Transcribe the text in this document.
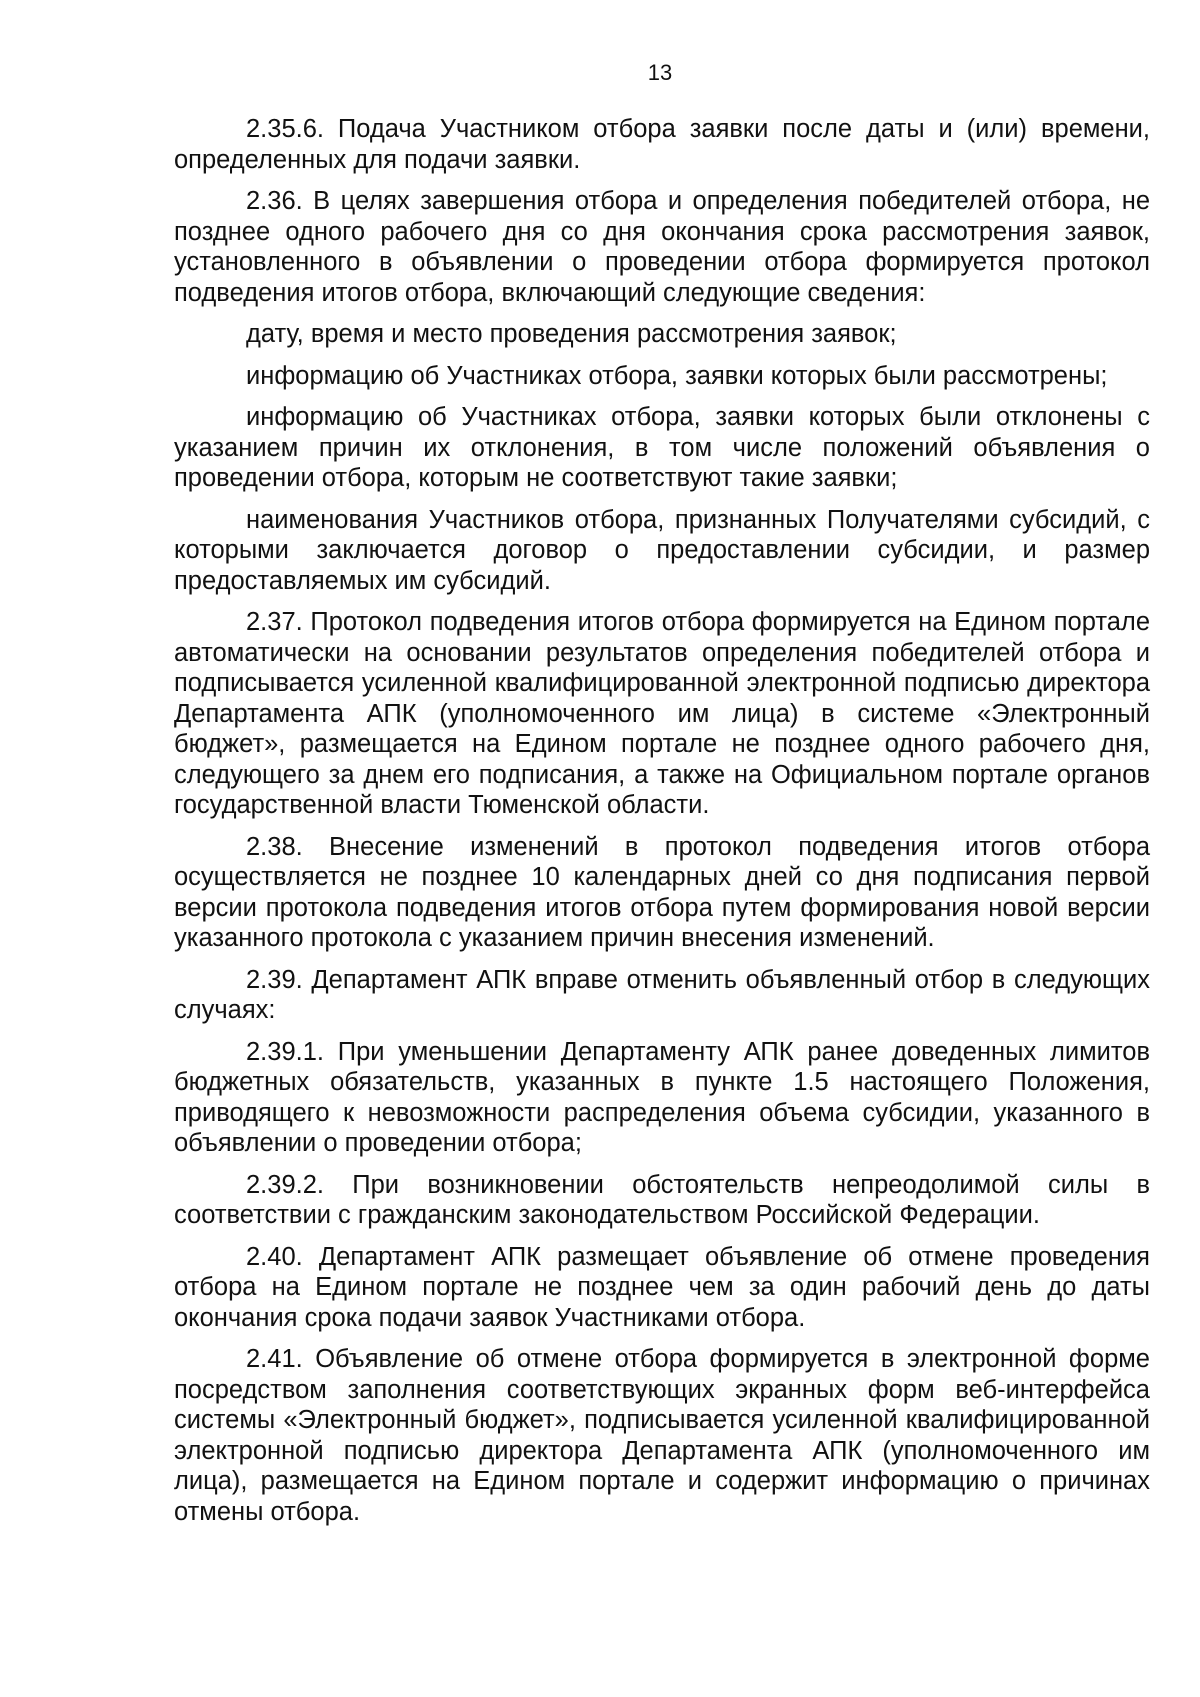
13

2.35.6. Подача Участником отбора заявки после даты и (или) времени, определенных для подачи заявки.

2.36. В целях завершения отбора и определения победителей отбора, не позднее одного рабочего дня со дня окончания срока рассмотрения заявок, установленного в объявлении о проведении отбора формируется протокол подведения итогов отбора, включающий следующие сведения:

дату, время и место проведения рассмотрения заявок;

информацию об Участниках отбора, заявки которых были рассмотрены;

информацию об Участниках отбора, заявки которых были отклонены с указанием причин их отклонения, в том числе положений объявления о проведении отбора, которым не соответствуют такие заявки;

наименования Участников отбора, признанных Получателями субсидий, с которыми заключается договор о предоставлении субсидии, и размер предоставляемых им субсидий.

2.37. Протокол подведения итогов отбора формируется на Едином портале автоматически на основании результатов определения победителей отбора и подписывается усиленной квалифицированной электронной подписью директора Департамента АПК (уполномоченного им лица) в системе «Электронный бюджет», размещается на Едином портале не позднее одного рабочего дня, следующего за днем его подписания, а также на Официальном портале органов государственной власти Тюменской области.

2.38. Внесение изменений в протокол подведения итогов отбора осуществляется не позднее 10 календарных дней со дня подписания первой версии протокола подведения итогов отбора путем формирования новой версии указанного протокола с указанием причин внесения изменений.

2.39. Департамент АПК вправе отменить объявленный отбор в следующих случаях:

2.39.1. При уменьшении Департаменту АПК ранее доведенных лимитов бюджетных обязательств, указанных в пункте 1.5 настоящего Положения, приводящего к невозможности распределения объема субсидии, указанного в объявлении о проведении отбора;

2.39.2. При возникновении обстоятельств непреодолимой силы в соответствии с гражданским законодательством Российской Федерации.

2.40. Департамент АПК размещает объявление об отмене проведения отбора на Едином портале не позднее чем за один рабочий день до даты окончания срока подачи заявок Участниками отбора.

2.41. Объявление об отмене отбора формируется в электронной форме посредством заполнения соответствующих экранных форм веб-интерфейса системы «Электронный бюджет», подписывается усиленной квалифицированной электронной подписью директора Департамента АПК (уполномоченного им лица), размещается на Едином портале и содержит информацию о причинах отмены отбора.
